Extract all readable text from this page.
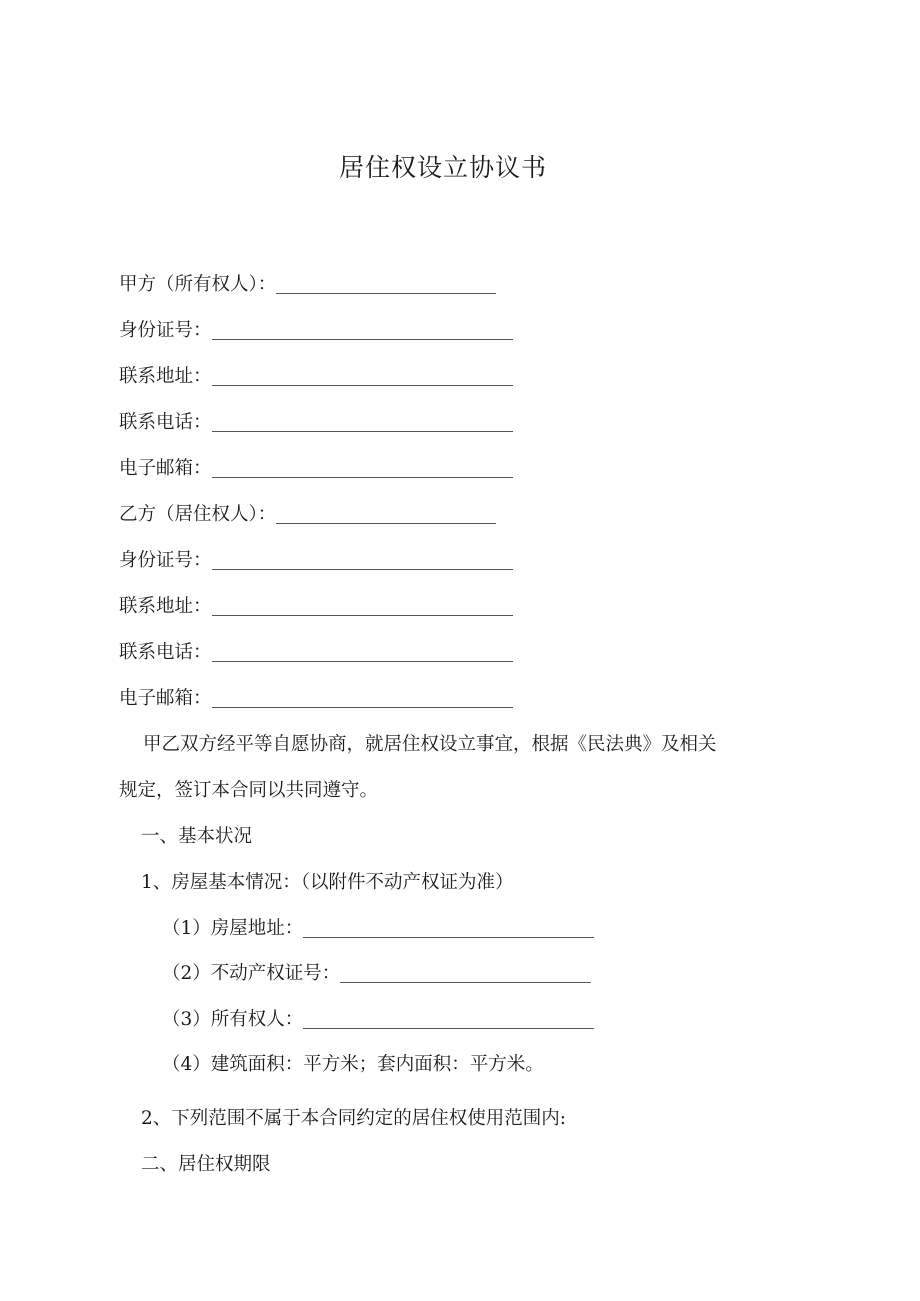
居住权设立协议书
甲方（所有权人）：
身份证号：
联系地址：
联系电话：
电子邮箱：
乙方（居住权人）：
身份证号：
联系地址：
联系电话：
电子邮箱：
甲乙双方经平等自愿协商，就居住权设立事宜，根据《民法典》及相关
规定，签订本合同以共同遵守。
一、基本状况
1、房屋基本情况：（以附件不动产权证为准）
（1）房屋地址：
（2）不动产权证号：
（3）所有权人：
（4）建筑面积：平方米；套内面积：平方米。
2、下列范围不属于本合同约定的居住权使用范围内:
二、居住权期限
